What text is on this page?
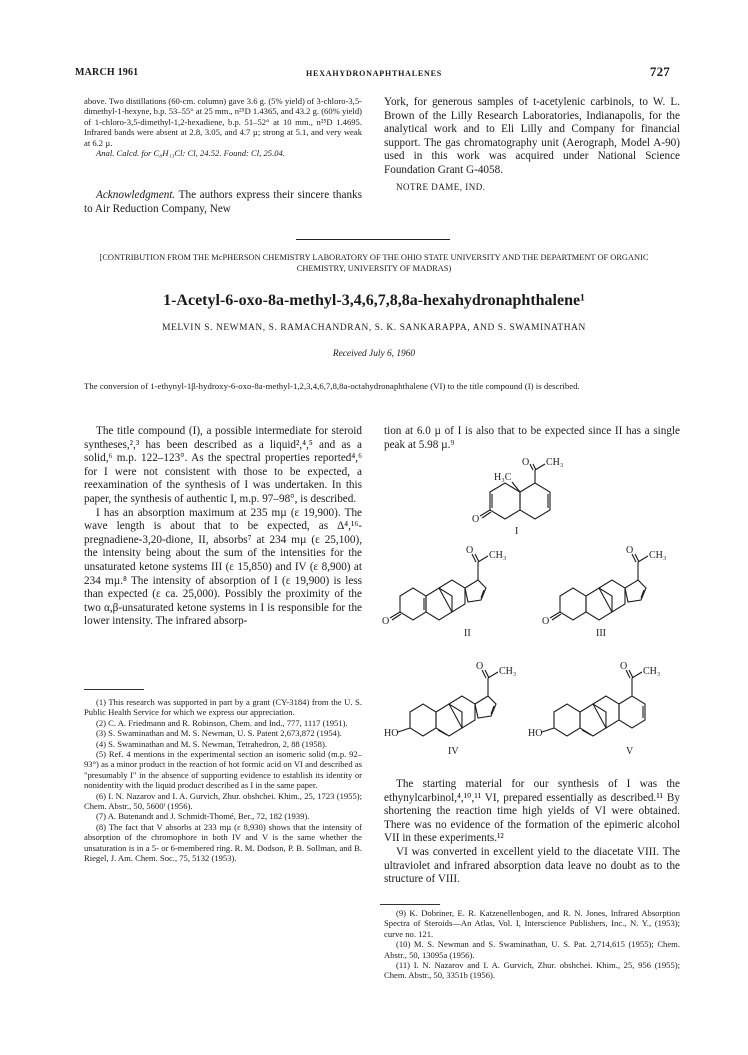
MARCH 1961	HEXAHYDRONAPHTHALENES	727

above. Two distillations (60-cm. column) gave 3.6 g. (5% yield) of 3-chloro-3,5-dimethyl-1-hexyne, b.p. 53–55° at 25 mm., n²⁵D 1.4365, and 43.2 g. (60% yield) of 1-chloro-3,5-dimethyl-1,2-hexadiene, b.p. 51–52° at 10 mm., n²⁵D 1.4695. Infrared bands were absent at 2.8, 3.05, and 4.7 µ; strong at 5.1, and very weak at 6.2 µ.

Anal. Calcd. for C₈H₁₃Cl: Cl, 24.52. Found: Cl, 25.04.

Acknowledgment. The authors express their sincere thanks to Air Reduction Company, New

York, for generous samples of t-acetylenic carbinols, to W. L. Brown of the Lilly Research Laboratories, Indianapolis, for the analytical work and to Eli Lilly and Company for financial support. The gas chromatography unit (Aerograph, Model A-90) used in this work was acquired under National Science Foundation Grant G-4058.

NOTRE DAME, IND.

[CONTRIBUTION FROM THE McPHERSON CHEMISTRY LABORATORY OF THE OHIO STATE UNIVERSITY AND THE DEPARTMENT OF ORGANIC CHEMISTRY, UNIVERSITY OF MADRAS)
1-Acetyl-6-oxo-8a-methyl-3,4,6,7,8,8a-hexahydronaphthalene¹
MELVIN S. NEWMAN, S. RAMACHANDRAN, S. K. SANKARAPPA, AND S. SWAMINATHAN
Received July 6, 1960
The conversion of 1-ethynyl-1β-hydroxy-6-oxo-8a-methyl-1,2,3,4,6,7,8,8a-octahydronaphthalene (VI) to the title compound (I) is described.

The title compound (I), a possible intermediate for steroid syntheses,²,³ has been described as a liquid²,⁴,⁵ and as a solid,⁶ m.p. 122–123°. As the spectral properties reported⁴,⁶ for I were not consistent with those to be expected, a reexamination of the synthesis of I was undertaken. In this paper, the synthesis of authentic I, m.p. 97–98°, is described.

I has an absorption maximum at 235 mµ (ε 19,900). The wave length is about that to be expected, as Δ⁴,¹⁶-pregnadiene-3,20-dione, II, absorbs⁷ at 234 mµ (ε 25,100), the intensity being about the sum of the intensities for the unsaturated ketone systems III (ε 15,850) and IV (ε 8,900) at 234 mµ.⁸ The intensity of absorption of I (ε 19,900) is less than expected (ε ca. 25,000). Possibly the proximity of the two α,β-unsaturated ketone systems in I is responsible for the lower intensity. The infrared absorp-

(1) This research was supported in part by a grant (CY-3184) from the U. S. Public Health Service for which we express our appreciation.

(2) C. A. Friedmann and R. Robinson, Chem. and Ind., 777, 1117 (1951).

(3) S. Swaminathan and M. S. Newman, U. S. Patent 2,673,872 (1954).

(4) S. Swaminathan and M. S. Newman, Tetrahedron, 2, 88 (1958).

(5) Ref. 4 mentions in the experimental section an isomeric solid (m.p. 92–93°) as a minor product in the reaction of hot formic acid on VI and described as "presumably I" in the absence of supporting evidence to establish its identity or nonidentity with the liquid product described as I in the same paper.

(6) I. N. Nazarov and I. A. Gurvich, Zhur. obshchei. Khim., 25, 1723 (1955); Chem. Abstr., 50, 5600ᶠ (1956).

(7) A. Butenandt and J. Schmidt-Thomé, Ber., 72, 182 (1939).

(8) The fact that V absorbs at 233 mµ (ε 8,930) shows that the intensity of absorption of the chromophore in both IV and V is the same whether the unsaturation is in a 5- or 6-membered ring. R. M. Dodson, P. B. Sollman, and B. Riegel, J. Am. Chem. Soc., 75, 5132 (1953).

tion at 6.0 µ of I is also that to be expected since II has a single peak at 5.98 µ.⁹

O CH₃
H₃C
O
I
O CH₃
O
II
O CH₃
O
III
O CH₃
HO
IV
O CH₃
HO
V

The starting material for our synthesis of I was the ethynylcarbinol,⁴,¹⁰,¹¹ VI, prepared essentially as described.¹¹ By shortening the reaction time high yields of VI were obtained. There was no evidence of the formation of the epimeric alcohol VII in these experiments.¹²

VI was converted in excellent yield to the diacetate VIII. The ultraviolet and infrared absorption data leave no doubt as to the structure of VIII.

(9) K. Dobriner, E. R. Katzenellenbogen, and R. N. Jones, Infrared Absorption Spectra of Steroids—An Atlas, Vol. I, Interscience Publishers, Inc., N. Y., (1953); curve no. 121.

(10) M. S. Newman and S. Swaminathan, U. S. Pat. 2,714,615 (1955); Chem. Abstr., 50, 13095a (1956).

(11) I. N. Nazarov and I. A. Gurvich, Zhur. obshchei. Khim., 25, 956 (1955); Chem. Abstr., 50, 3351b (1956).
